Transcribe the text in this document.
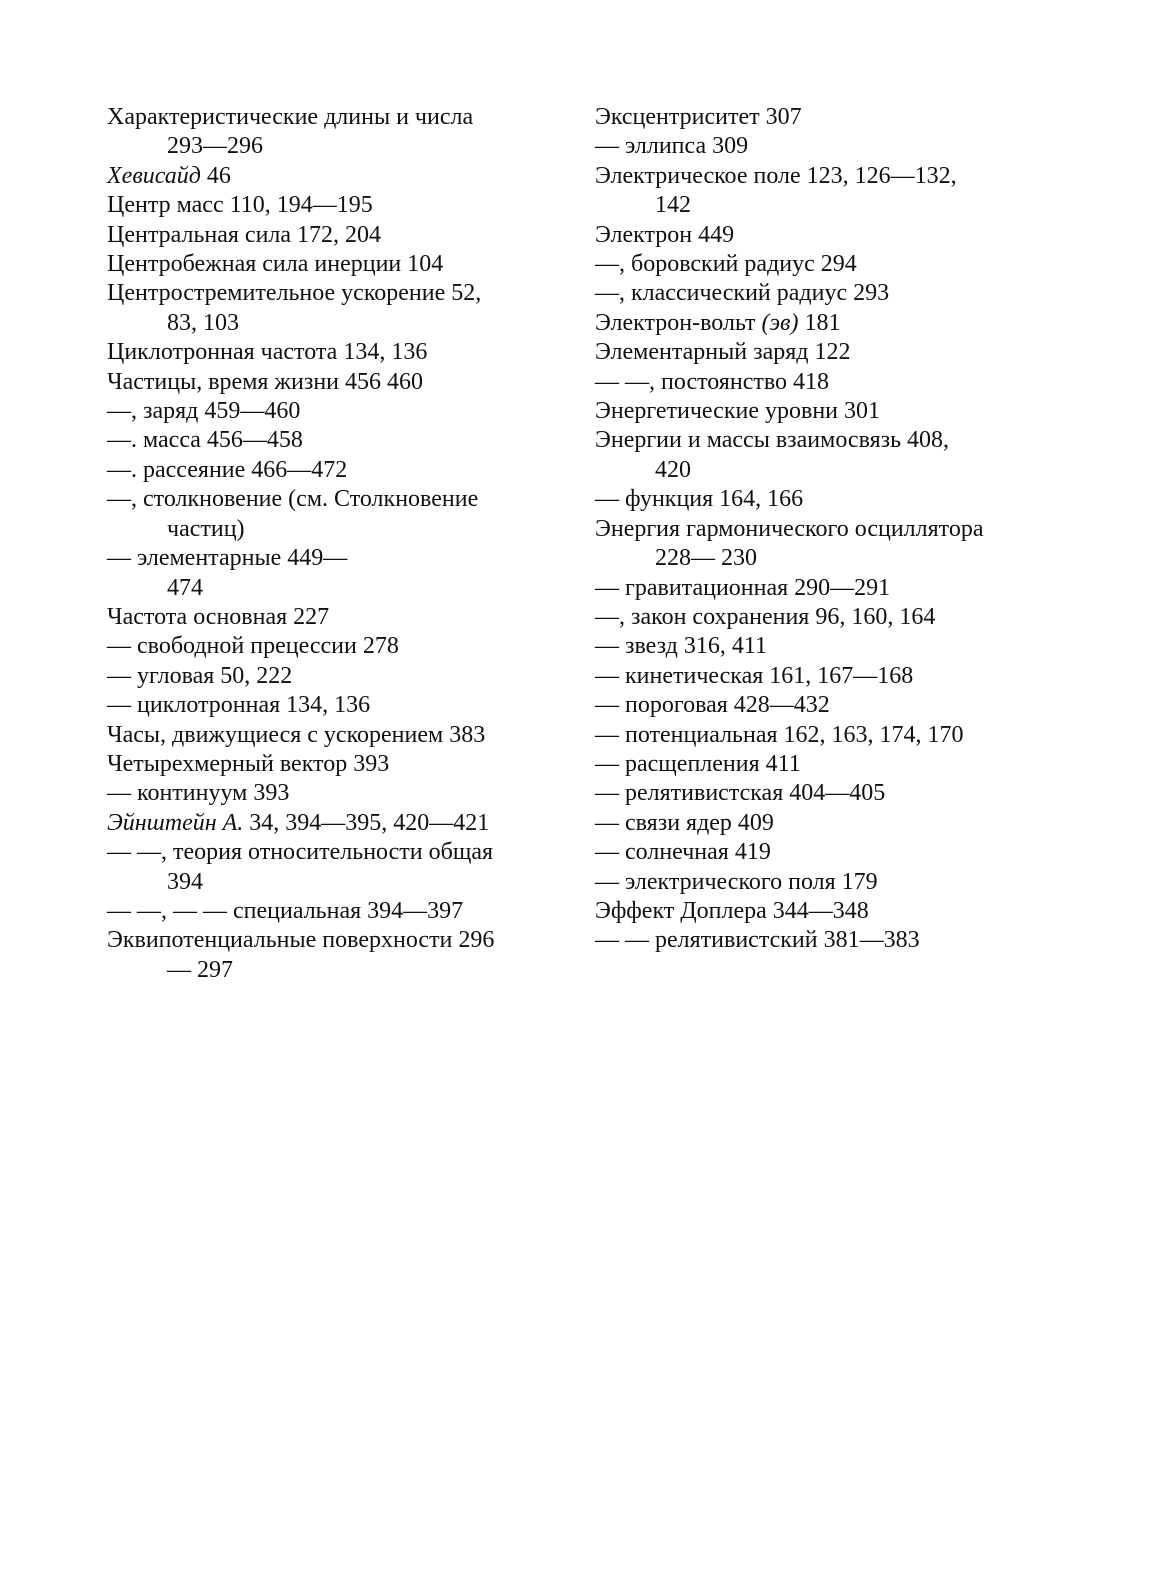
Характеристические длины и числа
293—296
Хевисайд 46
Центр масс 110, 194—195
Центральная сила 172, 204
Центробежная сила инерции 104
Центростремительное ускорение 52,
83, 103
Циклотронная частота 134, 136
Частицы, время жизни 456 460
—, заряд 459—460
—. масса 456—458
—. рассеяние 466—472
—, столкновение (см. Столкновение
частиц)
— элементарные 449—
474
Частота основная 227
— свободной прецессии 278
— угловая 50, 222
— циклотронная 134, 136
Часы, движущиеся с ускорением 383
Четырехмерный вектор 393
— континуум 393
Эйнштейн А. 34, 394—395, 420—421
— —, теория относительности общая
394
— —, — — специальная 394—397
Эквипотенциальные поверхности 296
— 297
Эксцентриситет 307
— эллипса 309
Электрическое поле 123, 126—132,
142
Электрон 449
—, боровский радиус 294
—, классический радиус 293
Электрон-вольт (эв) 181
Элементарный заряд 122
— —, постоянство 418
Энергетические уровни 301
Энергии и массы взаимосвязь 408,
420
— функция 164, 166
Энергия гармонического осциллятора
228— 230
— гравитационная 290—291
—, закон сохранения 96, 160, 164
— звезд 316, 411
— кинетическая 161, 167—168
— пороговая 428—432
— потенциальная 162, 163, 174, 170
— расщепления 411
— релятивистская 404—405
— связи ядер 409
— солнечная 419
— электрического поля 179
Эффект Доплера 344—348
— — релятивистский 381—383
